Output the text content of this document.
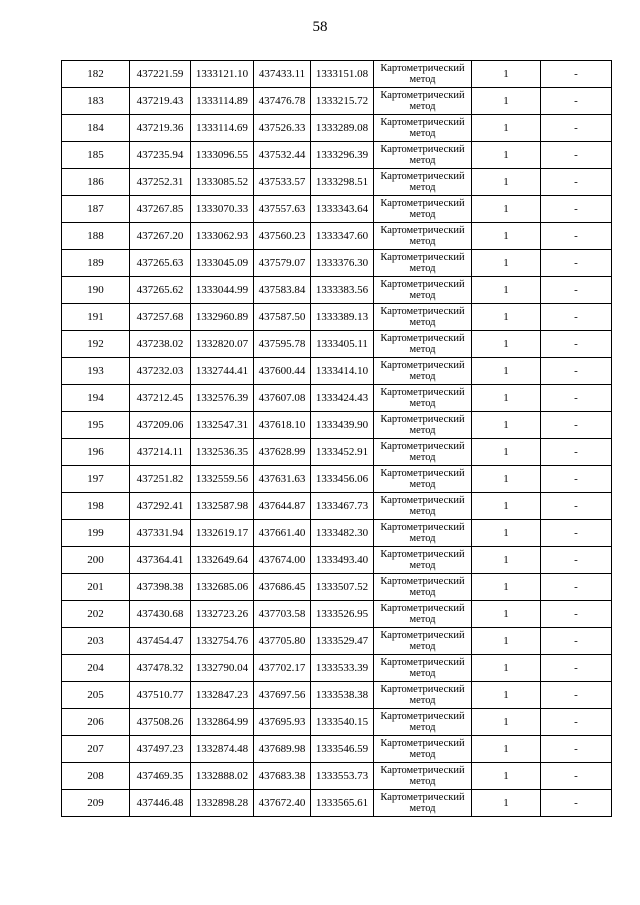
58
182	437221.59	1333121.10	437433.11	1333151.08	Картометрический
метод	1	-
183	437219.43	1333114.89	437476.78	1333215.72	Картометрический
метод	1	-
184	437219.36	1333114.69	437526.33	1333289.08	Картометрический
метод	1	-
185	437235.94	1333096.55	437532.44	1333296.39	Картометрический
метод	1	-
186	437252.31	1333085.52	437533.57	1333298.51	Картометрический
метод	1	-
187	437267.85	1333070.33	437557.63	1333343.64	Картометрический
метод	1	-
188	437267.20	1333062.93	437560.23	1333347.60	Картометрический
метод	1	-
189	437265.63	1333045.09	437579.07	1333376.30	Картометрический
метод	1	-
190	437265.62	1333044.99	437583.84	1333383.56	Картометрический
метод	1	-
191	437257.68	1332960.89	437587.50	1333389.13	Картометрический
метод	1	-
192	437238.02	1332820.07	437595.78	1333405.11	Картометрический
метод	1	-
193	437232.03	1332744.41	437600.44	1333414.10	Картометрический
метод	1	-
194	437212.45	1332576.39	437607.08	1333424.43	Картометрический
метод	1	-
195	437209.06	1332547.31	437618.10	1333439.90	Картометрический
метод	1	-
196	437214.11	1332536.35	437628.99	1333452.91	Картометрический
метод	1	-
197	437251.82	1332559.56	437631.63	1333456.06	Картометрический
метод	1	-
198	437292.41	1332587.98	437644.87	1333467.73	Картометрический
метод	1	-
199	437331.94	1332619.17	437661.40	1333482.30	Картометрический
метод	1	-
200	437364.41	1332649.64	437674.00	1333493.40	Картометрический
метод	1	-
201	437398.38	1332685.06	437686.45	1333507.52	Картометрический
метод	1	-
202	437430.68	1332723.26	437703.58	1333526.95	Картометрический
метод	1	-
203	437454.47	1332754.76	437705.80	1333529.47	Картометрический
метод	1	-
204	437478.32	1332790.04	437702.17	1333533.39	Картометрический
метод	1	-
205	437510.77	1332847.23	437697.56	1333538.38	Картометрический
метод	1	-
206	437508.26	1332864.99	437695.93	1333540.15	Картометрический
метод	1	-
207	437497.23	1332874.48	437689.98	1333546.59	Картометрический
метод	1	-
208	437469.35	1332888.02	437683.38	1333553.73	Картометрический
метод	1	-
209	437446.48	1332898.28	437672.40	1333565.61	Картометрический
метод	1	-
